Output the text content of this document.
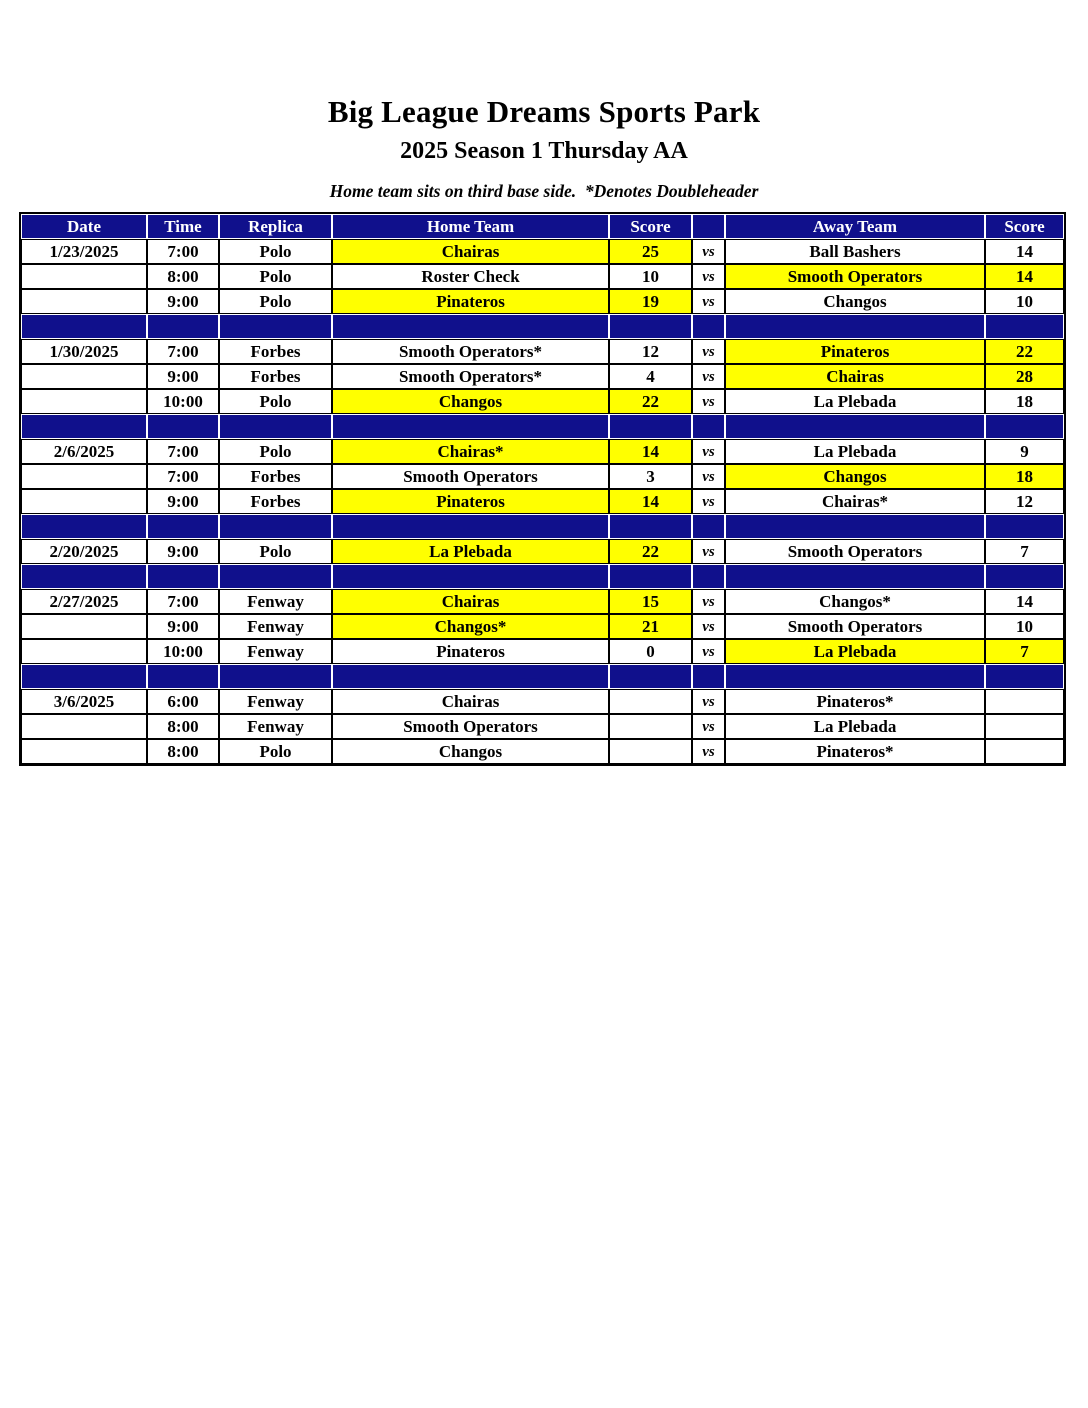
Big League Dreams Sports Park
2025 Season 1 Thursday AA
Home team sits on third base side.  *Denotes Doubleheader
Date	Time	Replica	Home Team	Score		Away Team	Score
1/23/2025	7:00	Polo	Chairas	25	vs	Ball Bashers	14
	8:00	Polo	Roster Check	10	vs	Smooth Operators	14
	9:00	Polo	Pinateros	19	vs	Changos	10

1/30/2025	7:00	Forbes	Smooth Operators*	12	vs	Pinateros	22
	9:00	Forbes	Smooth Operators*	4	vs	Chairas	28
	10:00	Polo	Changos	22	vs	La Plebada	18

2/6/2025	7:00	Polo	Chairas*	14	vs	La Plebada	9
	7:00	Forbes	Smooth Operators	3	vs	Changos	18
	9:00	Forbes	Pinateros	14	vs	Chairas*	12

2/20/2025	9:00	Polo	La Plebada	22	vs	Smooth Operators	7

2/27/2025	7:00	Fenway	Chairas	15	vs	Changos*	14
	9:00	Fenway	Changos*	21	vs	Smooth Operators	10
	10:00	Fenway	Pinateros	0	vs	La Plebada	7

3/6/2025	6:00	Fenway	Chairas		vs	Pinateros*	
	8:00	Fenway	Smooth Operators		vs	La Plebada	
	8:00	Polo	Changos		vs	Pinateros*	
